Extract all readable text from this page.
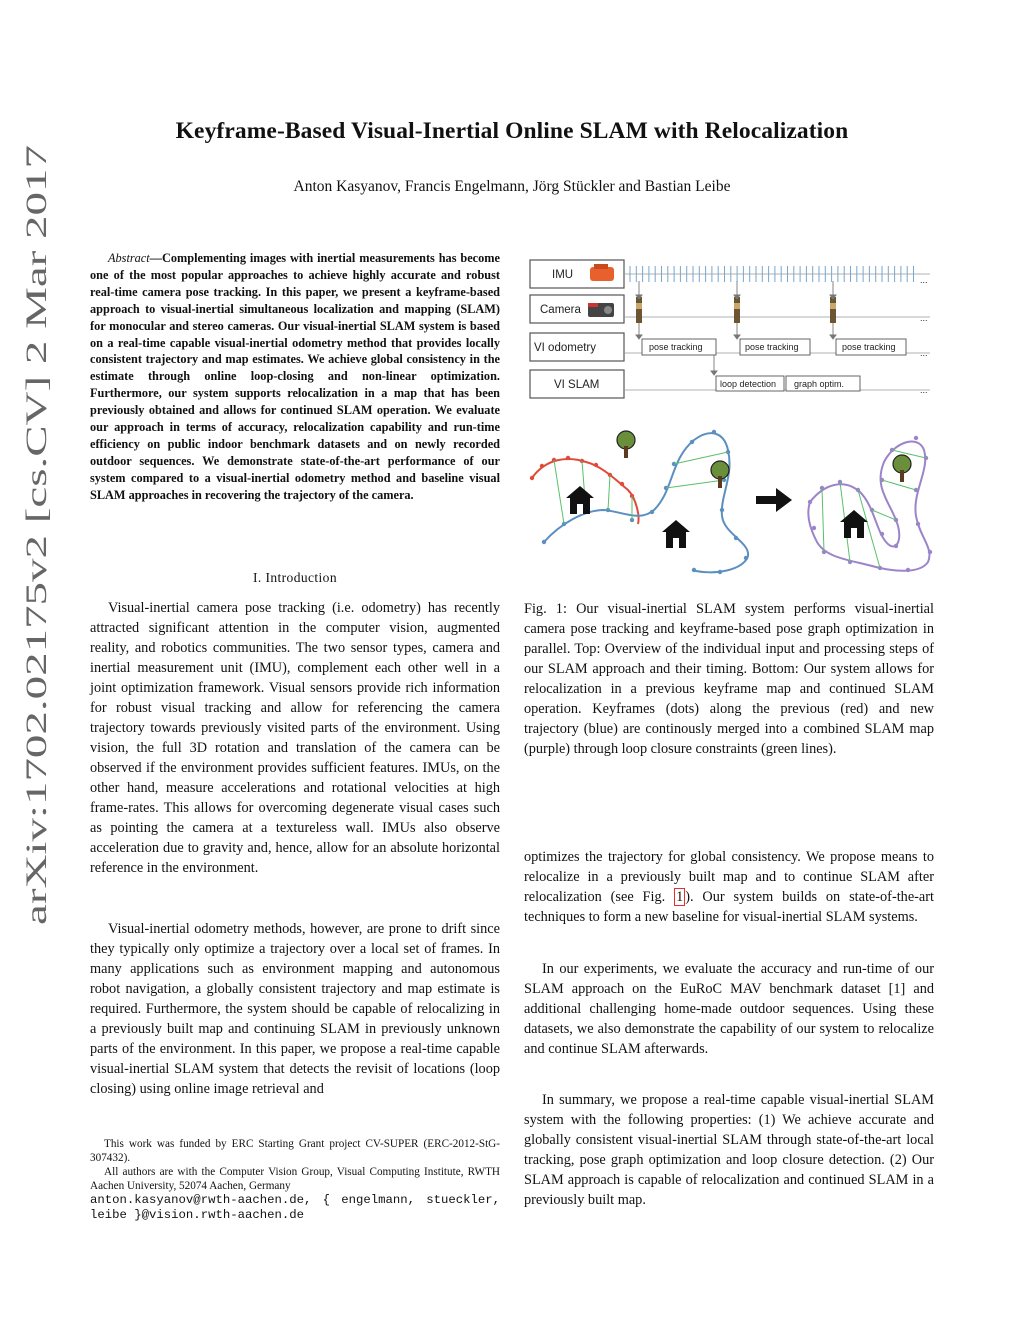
Keyframe-Based Visual-Inertial Online SLAM with Relocalization
Anton Kasyanov, Francis Engelmann, Jörg Stückler and Bastian Leibe
arXiv:1702.02175v2 [cs.CV] 2 Mar 2017
Abstract—Complementing images with inertial measurements has become one of the most popular approaches to achieve highly accurate and robust real-time camera pose tracking. In this paper, we present a keyframe-based approach to visual-inertial simultaneous localization and mapping (SLAM) for monocular and stereo cameras. Our visual-inertial SLAM system is based on a real-time capable visual-inertial odometry method that provides locally consistent trajectory and map estimates. We achieve global consistency in the estimate through online loop-closing and non-linear optimization. Furthermore, our system supports relocalization in a map that has been previously obtained and allows for continued SLAM operation. We evaluate our approach in terms of accuracy, relocalization capability and run-time efficiency on public indoor benchmark datasets and on newly recorded outdoor sequences. We demonstrate state-of-the-art performance of our system compared to a visual-inertial odometry method and baseline visual SLAM approaches in recovering the trajectory of the camera.
I. Introduction

Visual-inertial camera pose tracking (i.e. odometry) has recently attracted significant attention in the computer vision, augmented reality, and robotics communities. The two sensor types, camera and inertial measurement unit (IMU), complement each other well in a joint optimization framework. Visual sensors provide rich information for robust visual tracking and allow for referencing the camera trajectory towards previously visited parts of the environment. Using vision, the full 3D rotation and translation of the camera can be observed if the environment provides sufficient features. IMUs, on the other hand, measure accelerations and rotational velocities at high frame-rates. This allows for overcoming degenerate visual cases such as pointing the camera at a textureless wall. IMUs also observe acceleration due to gravity and, hence, allow for an absolute horizontal reference in the environment.

Visual-inertial odometry methods, however, are prone to drift since they typically only optimize a trajectory over a local set of frames. In many applications such as environment mapping and autonomous robot navigation, a globally consistent trajectory and map estimate is required. Furthermore, the system should be capable of relocalizing in a previously built map and continuing SLAM in previously unknown parts of the environment. In this paper, we propose a real-time capable visual-inertial SLAM system that detects the revisit of locations (loop closing) using online image retrieval and

This work was funded by ERC Starting Grant project CV-SUPER (ERC-2012-StG-307432).

All authors are with the Computer Vision Group, Visual Computing Institute, RWTH Aachen University, 52074 Aachen, Germany

anton.kasyanov@rwth-aachen.de, { engelmann, stueckler, leibe }@vision.rwth-aachen.de
IMU	...
Camera
...
VI odometry	pose tracking	pose tracking	pose tracking
...
VI SLAM	loop detection graph optim.
...

Fig. 1: Our visual-inertial SLAM system performs visual-inertial camera pose tracking and keyframe-based pose graph optimization in parallel. Top: Overview of the individual input and processing steps of our SLAM approach and their timing. Bottom: Our system allows for relocalization in a previous keyframe map and continued SLAM operation. Keyframes (dots) along the previous (red) and new trajectory (blue) are continously merged into a combined SLAM map (purple) through loop closure constraints (green lines).

optimizes the trajectory for global consistency. We propose means to relocalize in a previously built map and to continue SLAM after relocalization (see Fig. 1 ). Our system builds on state-of-the-art techniques to form a new baseline for visual-inertial SLAM systems.

In our experiments, we evaluate the accuracy and run-time of our SLAM approach on the EuRoC MAV benchmark dataset [1] and additional challenging home-made outdoor sequences. Using these datasets, we also demonstrate the capability of our system to relocalize and continue SLAM afterwards.

In summary, we propose a real-time capable visual-inertial SLAM system with the following properties: (1) We achieve accurate and globally consistent visual-inertial SLAM through state-of-the-art local tracking, pose graph optimization and loop closure detection. (2) Our SLAM approach is capable of relocalization and continued SLAM in a previously built map.
